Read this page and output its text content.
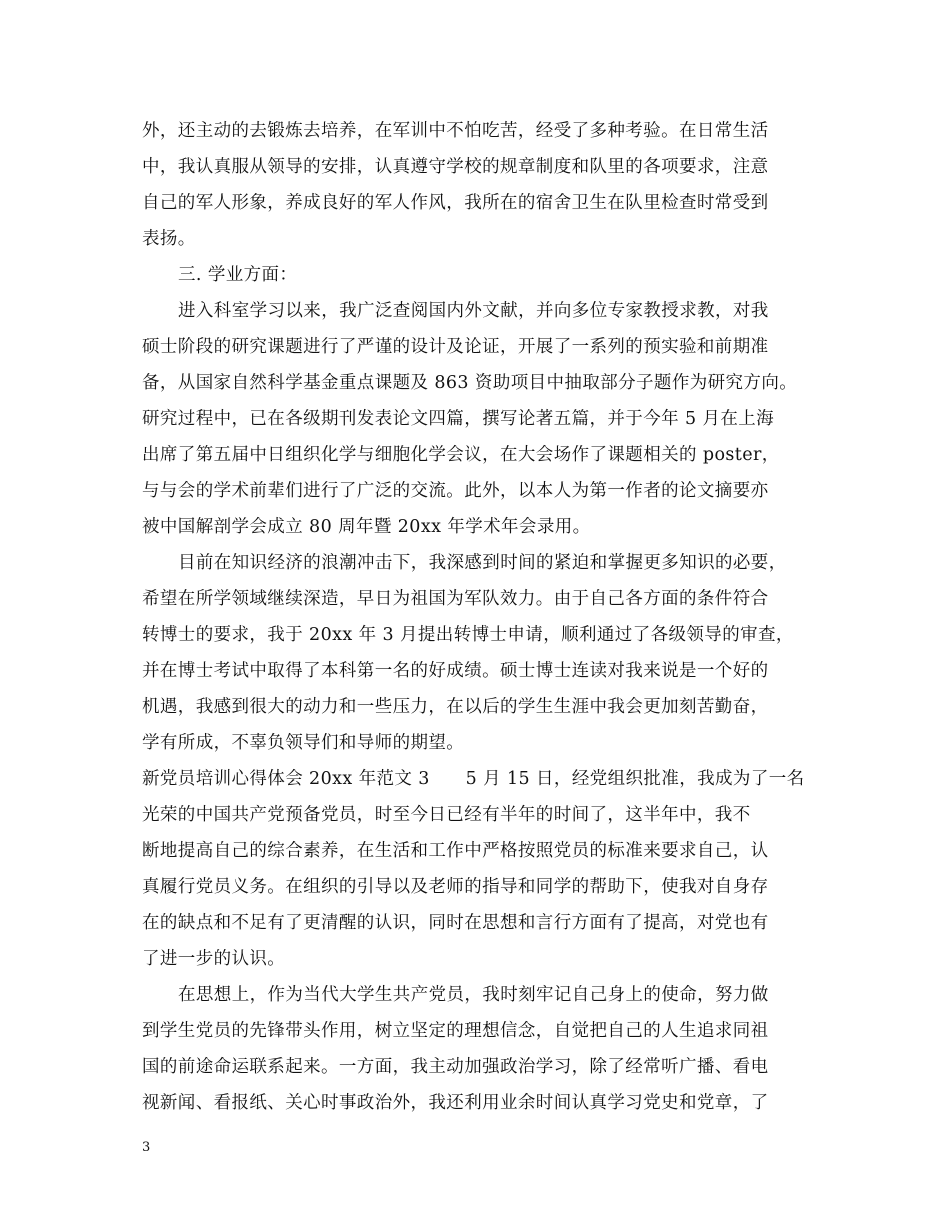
外，还主动的去锻炼去培养，在军训中不怕吃苦，经受了多种考验。在日常生活
中，我认真服从领导的安排，认真遵守学校的规章制度和队里的各项要求，注意
自己的军人形象，养成良好的军人作风，我所在的宿舍卫生在队里检查时常受到
表扬。
三. 学业方面：
进入科室学习以来，我广泛查阅国内外文献，并向多位专家教授求教，对我
硕士阶段的研究课题进行了严谨的设计及论证，开展了一系列的预实验和前期准
备，从国家自然科学基金重点课题及 863 资助项目中抽取部分子题作为研究方向。
研究过程中，已在各级期刊发表论文四篇，撰写论著五篇，并于今年 5 月在上海
出席了第五届中日组织化学与细胞化学会议，在大会场作了课题相关的 poster，
与与会的学术前辈们进行了广泛的交流。此外，以本人为第一作者的论文摘要亦
被中国解剖学会成立 80 周年暨 20xx 年学术年会录用。
目前在知识经济的浪潮冲击下，我深感到时间的紧迫和掌握更多知识的必要，
希望在所学领域继续深造，早日为祖国为军队效力。由于自己各方面的条件符合
转博士的要求，我于 20xx 年 3 月提出转博士申请，顺利通过了各级领导的审查，
并在博士考试中取得了本科第一名的好成绩。硕士博士连读对我来说是一个好的
机遇，我感到很大的动力和一些压力，在以后的学生生涯中我会更加刻苦勤奋，
学有所成，不辜负领导们和导师的期望。
新党员培训心得体会 20xx 年范文 3　　5 月 15 日，经党组织批准，我成为了一名
光荣的中国共产党预备党员，时至今日已经有半年的时间了，这半年中，我不
断地提高自己的综合素养，在生活和工作中严格按照党员的标准来要求自己，认
真履行党员义务。在组织的引导以及老师的指导和同学的帮助下，使我对自身存
在的缺点和不足有了更清醒的认识，同时在思想和言行方面有了提高，对党也有
了进一步的认识。
在思想上，作为当代大学生共产党员，我时刻牢记自己身上的使命，努力做
到学生党员的先锋带头作用，树立坚定的理想信念，自觉把自己的人生追求同祖
国的前途命运联系起来。一方面，我主动加强政治学习，除了经常听广播、看电
视新闻、看报纸、关心时事政治外，我还利用业余时间认真学习党史和党章，了
3
